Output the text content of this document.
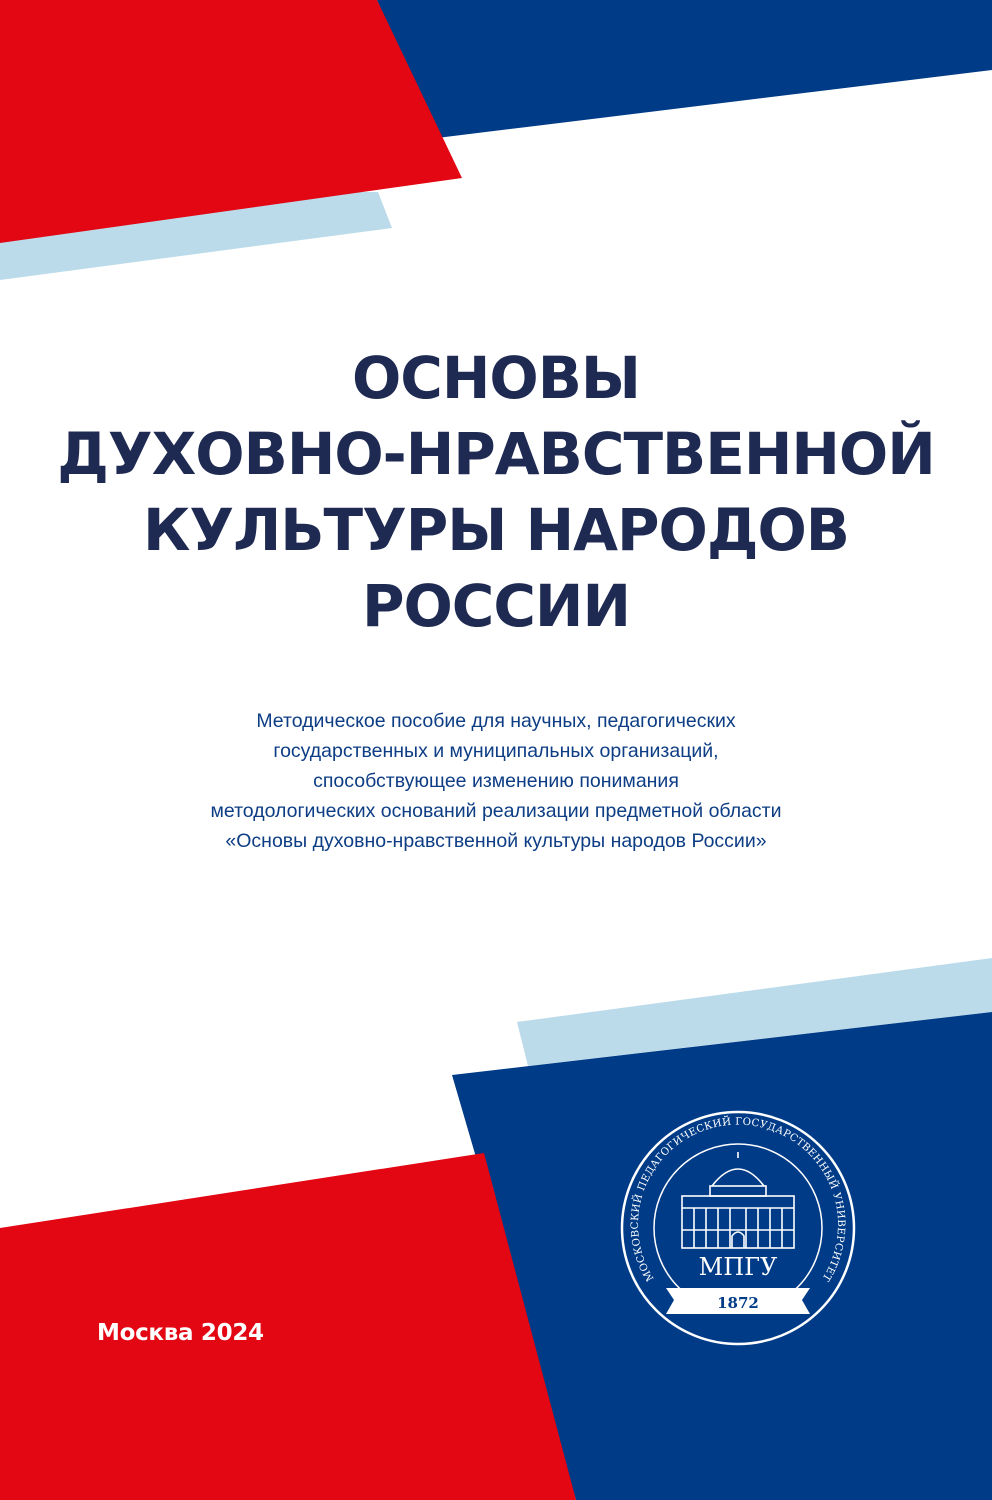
ОСНОВЫ
ДУХОВНО-НРАВСТВЕННОЙ
КУЛЬТУРЫ НАРОДОВ
РОССИИ
Методическое пособие для научных, педагогических
государственных и муниципальных организаций,
способствующее изменению понимания
методологических оснований реализации предметной области
«Основы духовно-нравственной культуры народов России»
Москва 2024
МОСКОВСКИЙ ПЕДАГОГИЧЕСКИЙ ГОСУДАРСТВЕННЫЙ УНИВЕРСИТЕТ
МПГУ
1872
